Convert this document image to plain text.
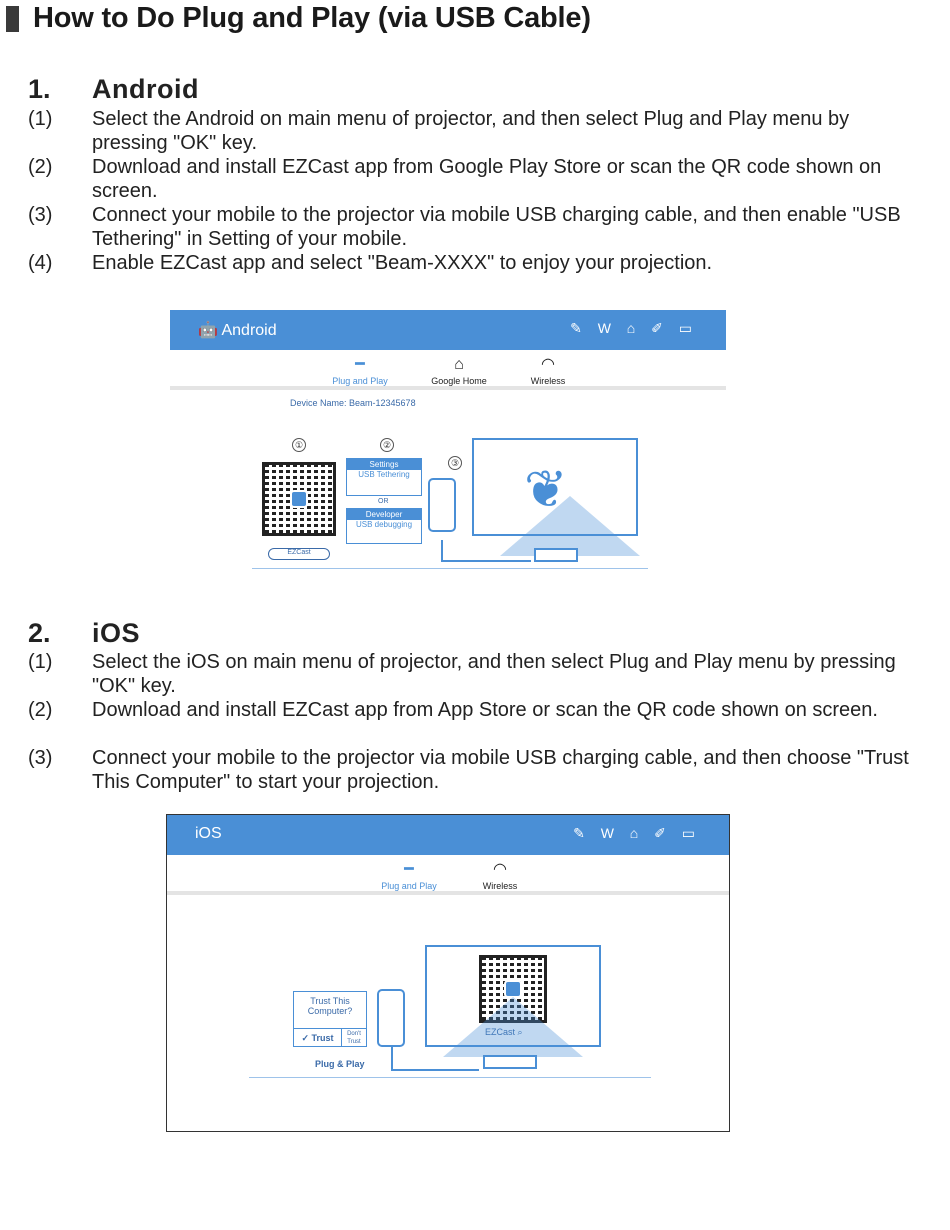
How to Do Plug and Play (via USB Cable)
1. Android
(1) Select the Android on main menu of projector, and then select Plug and Play menu by pressing "OK" key.
(2) Download and install EZCast app from Google Play Store or scan the QR code shown on screen.
(3) Connect your mobile to the projector via mobile USB charging cable, and then enable "USB Tethering" in Setting of your mobile.
(4) Enable EZCast app and select "Beam-XXXX" to enjoy your projection.
🤖 Android	✎ W ⌂ ✐ ▭
━
Plug and Play
⌂
Google Home
◠
Wireless
Device Name: Beam-12345678
①	②
③
EZCast
Settings
USB Tethering
OR
Developer
USB debugging
❦
2. iOS
(1) Select the iOS on main menu of projector, and then select Plug and Play menu by pressing "OK" key.
(2) Download and install EZCast app from App Store or scan the QR code shown on screen.
(3) Connect your mobile to the projector via mobile USB charging cable, and then choose "Trust This Computer" to start your projection.
iOS	✎ W ⌂ ✐ ▭
━
Plug and Play
◠
Wireless
Trust This Computer?
✓ Trust	Don't Trust
Plug & Play
EZCast ⌕
